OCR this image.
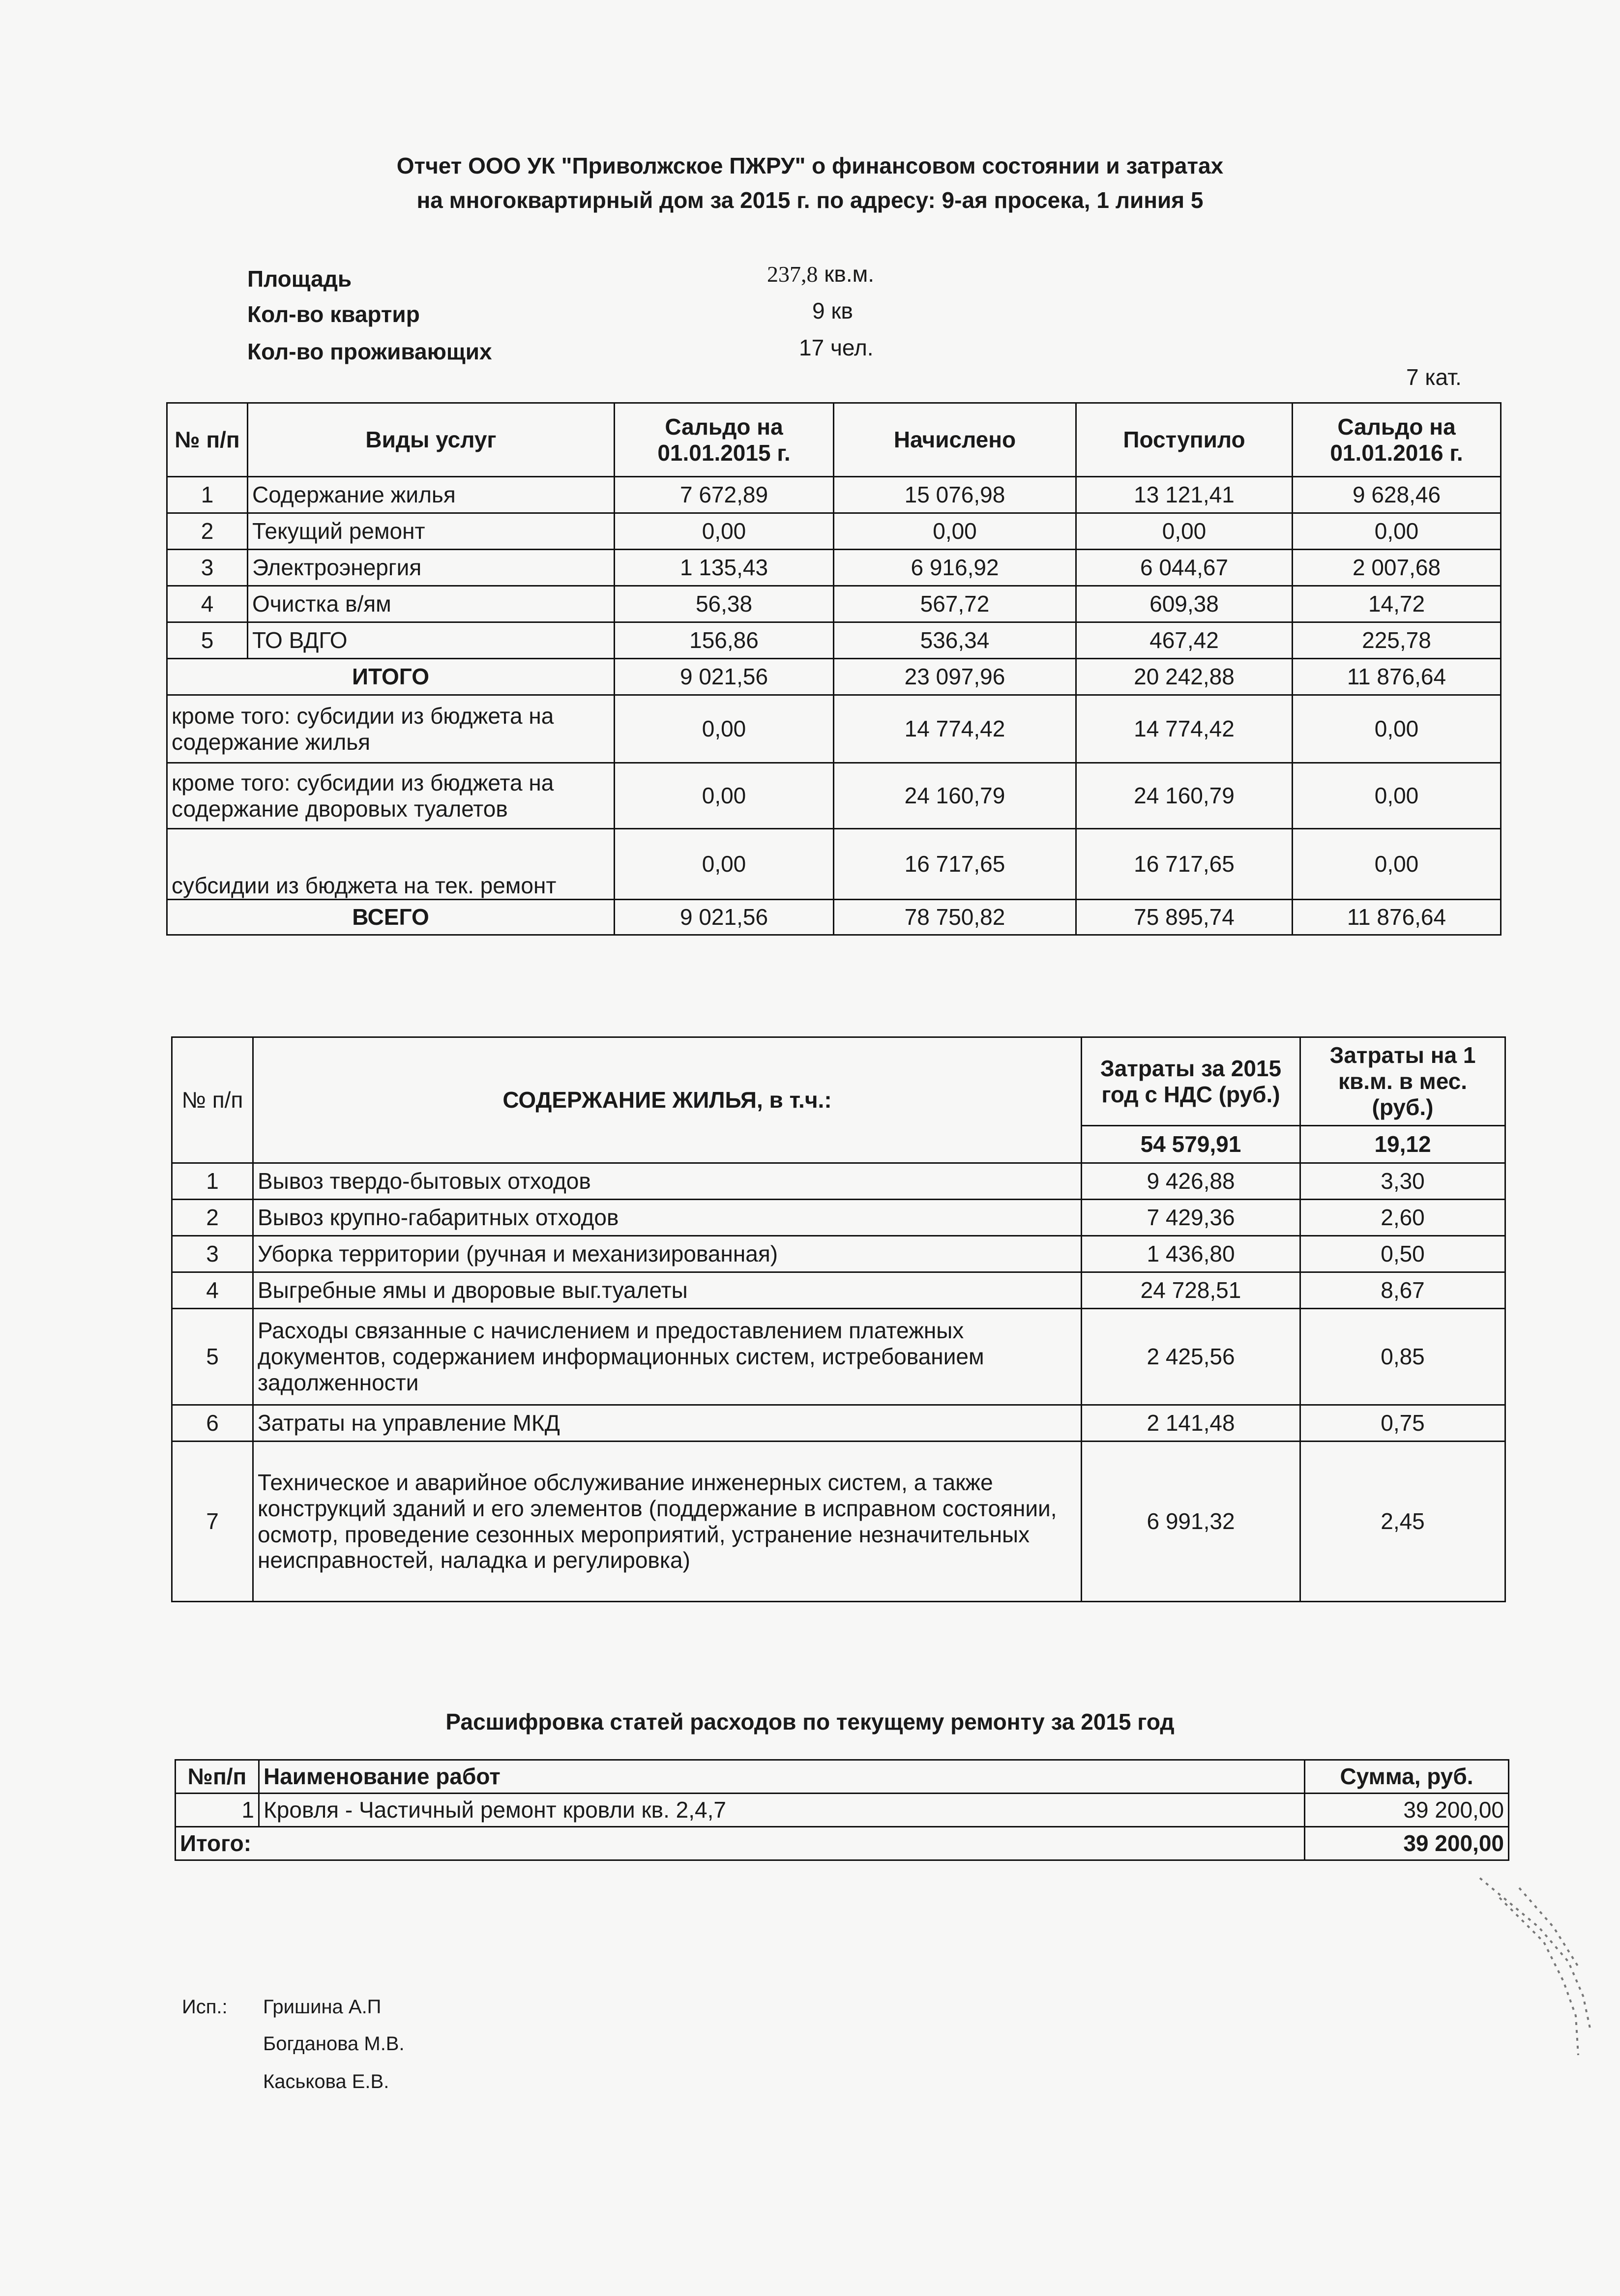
Отчет ООО УК "Приволжское ПЖРУ" о финансовом состоянии и затратах
на многоквартирный дом за 2015 г. по адресу: 9-ая просека, 1 линия 5
Площадь	237,8 кв.м.
Кол-во квартир	9 кв
Кол-во проживающих	17 чел.
7 кат.
№ п/п	Виды услуг	Сальдо на 01.01.2015 г.	Начислено	Поступило	Сальдо на 01.01.2016 г.
1	Содержание жилья	7 672,89	15 076,98	13 121,41	9 628,46
2	Текущий ремонт	0,00	0,00	0,00	0,00
3	Электроэнергия	1 135,43	6 916,92	6 044,67	2 007,68
4	Очистка в/ям	56,38	567,72	609,38	14,72
5	ТО ВДГО	156,86	536,34	467,42	225,78
ИТОГО		9 021,56	23 097,96	20 242,88	11 876,64
кроме того: субсидии из бюджета на содержание жилья		0,00	14 774,42	14 774,42	0,00
кроме того: субсидии из бюджета на содержание дворовых туалетов		0,00	24 160,79	24 160,79	0,00
субсидии из бюджета на тек. ремонт		0,00	16 717,65	16 717,65	0,00
ВСЕГО		9 021,56	78 750,82	75 895,74	11 876,64
№ п/п	СОДЕРЖАНИЕ ЖИЛЬЯ, в т.ч.:	Затраты за 2015 год с НДС (руб.)	Затраты на 1 кв.м. в мес. (руб.)
		54 579,91	19,12
1	Вывоз твердо-бытовых отходов	9 426,88	3,30
2	Вывоз крупно-габаритных отходов	7 429,36	2,60
3	Уборка территории (ручная и механизированная)	1 436,80	0,50
4	Выгребные ямы и дворовые выг.туалеты	24 728,51	8,67
5	Расходы связанные с начислением и предоставлением платежных документов, содержанием информационных систем, истребованием задолженности	2 425,56	0,85
6	Затраты на управление МКД	2 141,48	0,75
7	Техническое и аварийное обслуживание инженерных систем, а также конструкций зданий и его элементов (поддержание в исправном состоянии, осмотр, проведение сезонных мероприятий, устранение незначительных неисправностей, наладка и регулировка)	6 991,32	2,45
Расшифровка статей расходов по текущему ремонту за 2015 год
№п/п	Наименование работ	Сумма, руб.
1	Кровля - Частичный ремонт кровли кв. 2,4,7	39 200,00
Итого:		39 200,00
Исп.: Гришина А.П
Богданова М.В.
Каськова Е.В.
